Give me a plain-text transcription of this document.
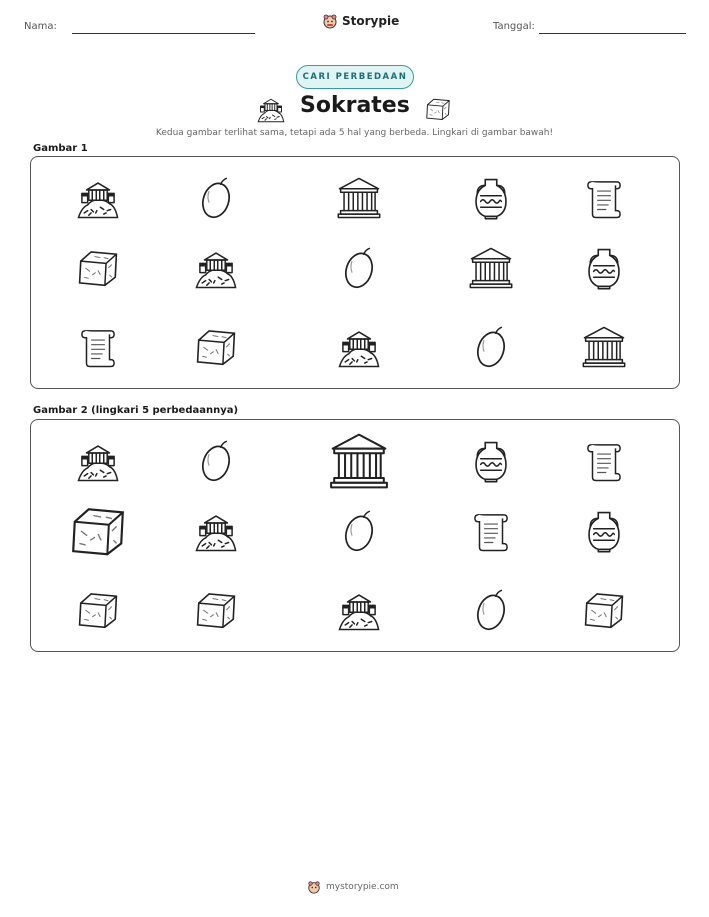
Nama:	Storypie	Tanggal:
CARI PERBEDAAN
Sokrates
Kedua gambar terlihat sama, tetapi ada 5 hal yang berbeda. Lingkari di gambar bawah!
Gambar 1
Gambar 2 (lingkari 5 perbedaannya)
mystorypie.com
